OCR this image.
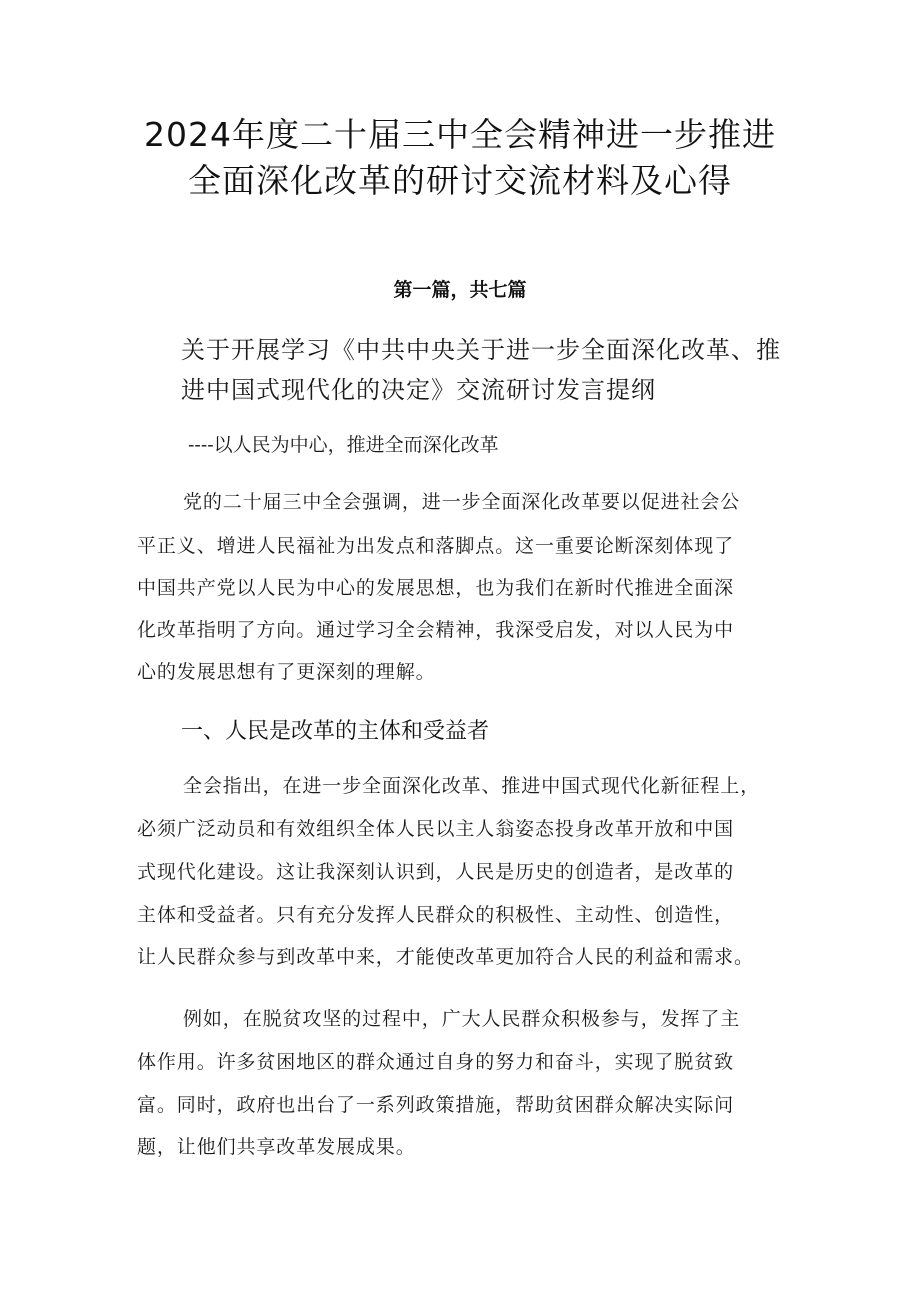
2024年度二十届三中全会精神进一步推进
全面深化改革的研讨交流材料及心得
第一篇，共七篇
关于开展学习《中共中央关于进一步全面深化改革、推
进中国式现代化的决定》交流研讨发言提纲
----以人民为中心，推进全而深化改革
党的二十届三中全会强调，进一步全面深化改革要以促进社会公
平正义、增进人民福祉为出发点和落脚点。这一重要论断深刻体现了
中国共产党以人民为中心的发展思想，也为我们在新时代推进全面深
化改革指明了方向。通过学习全会精神，我深受启发，对以人民为中
心的发展思想有了更深刻的理解。
一、人民是改革的主体和受益者
全会指出，在进一步全面深化改革、推进中国式现代化新征程上，
必须广泛动员和有效组织全体人民以主人翁姿态投身改革开放和中国
式现代化建设。这让我深刻认识到，人民是历史的创造者，是改革的
主体和受益者。只有充分发挥人民群众的积极性、主动性、创造性，
让人民群众参与到改革中来，才能使改革更加符合人民的利益和需求。
例如，在脱贫攻坚的过程中，广大人民群众积极参与，发挥了主
体作用。许多贫困地区的群众通过自身的努力和奋斗，实现了脱贫致
富。同时，政府也出台了一系列政策措施，帮助贫困群众解决实际问
题，让他们共享改革发展成果。
